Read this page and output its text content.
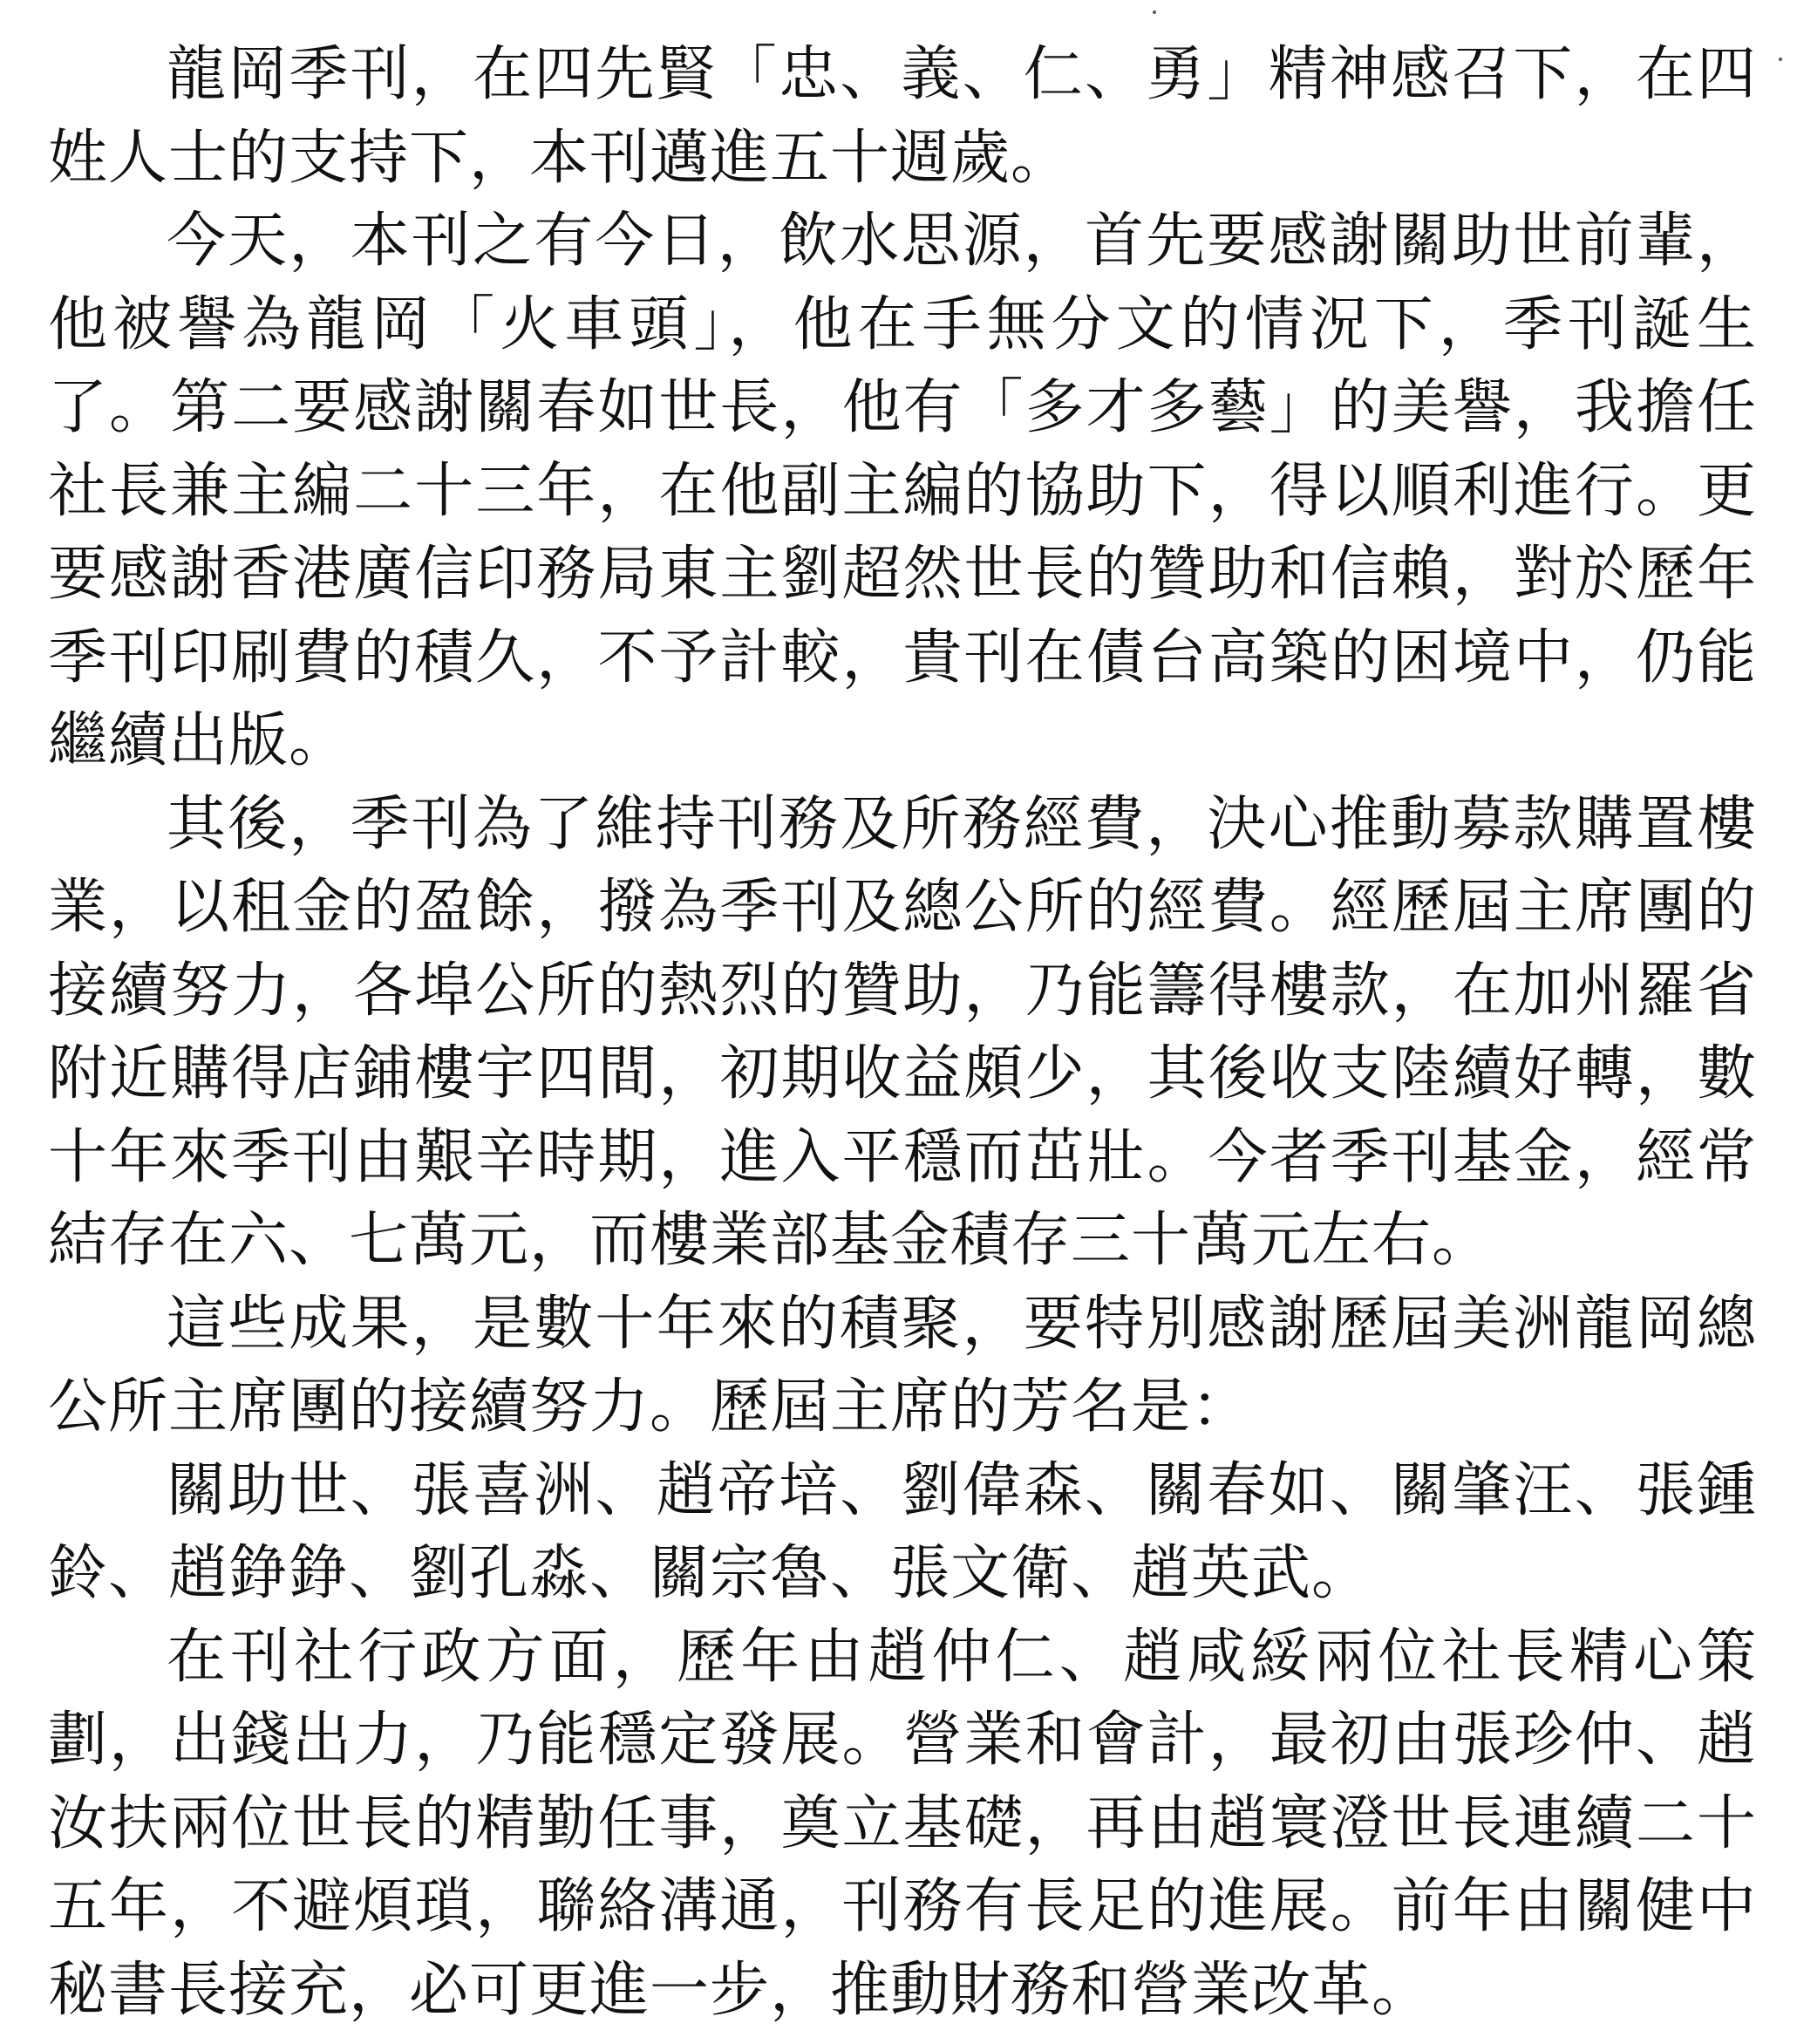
龍岡季刊，在四先賢「忠、義、仁、勇」精神感召下，在四姓人士的支持下，本刊邁進五十週歲。

今天，本刊之有今日，飲水思源，首先要感謝關助世前輩，他被譽為龍岡「火車頭」，他在手無分文的情況下，季刊誕生了。第二要感謝關春如世長，他有「多才多藝」的美譽，我擔任社長兼主編二十三年，在他副主編的協助下，得以順利進行。更要感謝香港廣信印務局東主劉超然世長的贊助和信賴，對於歷年季刊印刷費的積久，不予計較，貴刊在債台高築的困境中，仍能繼續出版。

其後，季刊為了維持刊務及所務經費，決心推動募款購置樓業，以租金的盈餘，撥為季刊及總公所的經費。經歷屆主席團的接續努力，各埠公所的熱烈的贊助，乃能籌得樓款，在加州羅省附近購得店鋪樓宇四間，初期收益頗少，其後收支陸續好轉，數十年來季刊由艱辛時期，進入平穩而茁壯。今者季刊基金，經常結存在六、七萬元，而樓業部基金積存三十萬元左右。

這些成果，是數十年來的積聚，要特別感謝歷屆美洲龍岡總公所主席團的接續努力。歷屆主席的芳名是：

關助世、張喜洲、趙帝培、劉偉森、關春如、關肇汪、張鍾鈴、趙錚錚、劉孔淼、關宗魯、張文衛、趙英武。

在刊社行政方面，歷年由趙仲仁、趙咸綏兩位社長精心策劃，出錢出力，乃能穩定發展。營業和會計，最初由張珍仲、趙汝扶兩位世長的精勤任事，奠立基礎，再由趙寰澄世長連續二十五年，不避煩瑣，聯絡溝通，刊務有長足的進展。前年由關健中秘書長接充，必可更進一步，推動財務和營業改革。
